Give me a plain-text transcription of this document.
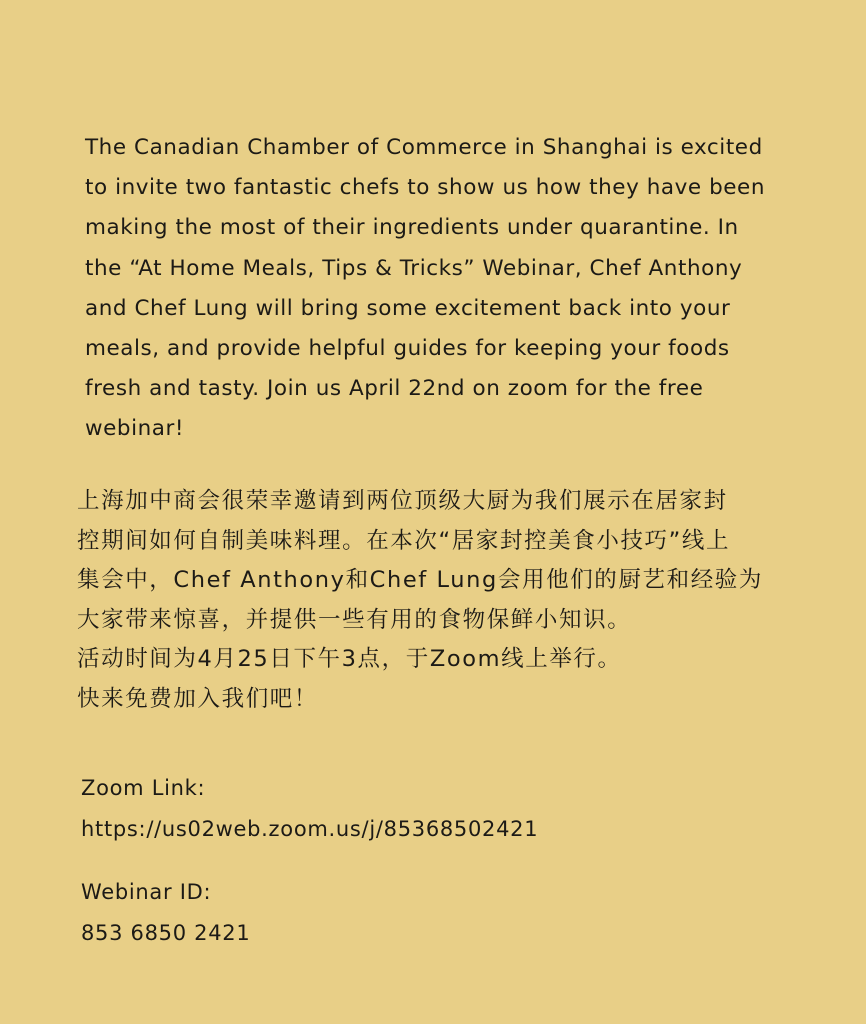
The Canadian Chamber of Commerce in Shanghai is excited
to invite two fantastic chefs to show us how they have been
making the most of their ingredients under quarantine. In
the “At Home Meals, Tips & Tricks” Webinar, Chef Anthony
and Chef Lung will bring some excitement back into your
meals, and provide helpful guides for keeping your foods
fresh and tasty. Join us April 22nd on zoom for the free
webinar!
上海加中商会很荣幸邀请到两位顶级大厨为我们展示在居家封
控期间如何自制美味料理。在本次“居家封控美食小技巧”线上
集会中，Chef Anthony和Chef Lung会用他们的厨艺和经验为
大家带来惊喜，并提供一些有用的食物保鲜小知识。
活动时间为4月25日下午3点，于Zoom线上举行。
快来免费加入我们吧！
Zoom Link:
https://us02web.zoom.us/j/85368502421
Webinar ID:
853 6850 2421
